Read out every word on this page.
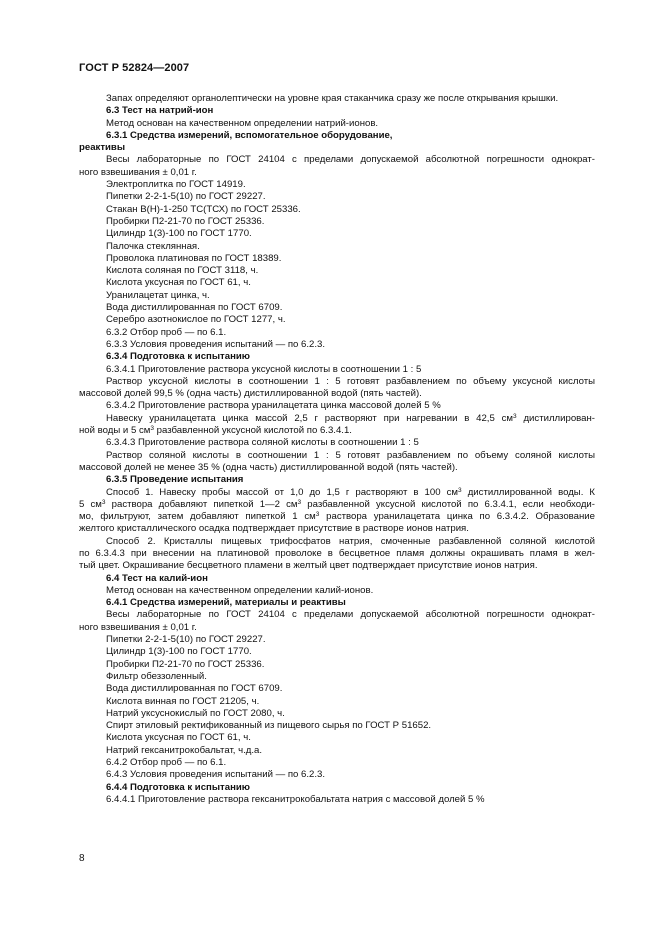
ГОСТ Р 52824—2007
Запах определяют органолептически на уровне края стаканчика сразу же после открывания крышки.
6.3 Тест на натрий-ион
Метод основан на качественном определении натрий-ионов.
6.3.1 Средства измерений, вспомогательное оборудование,
реактивы
Весы лабораторные по ГОСТ 24104 с пределами допускаемой абсолютной погрешности однократ-
ного взвешивания ± 0,01 г.
Электроплитка по ГОСТ 14919.
Пипетки 2-2-1-5(10) по ГОСТ 29227.
Стакан В(Н)-1-250 ТС(ТСХ) по ГОСТ 25336.
Пробирки П2-21-70 по ГОСТ 25336.
Цилиндр 1(3)-100 по ГОСТ 1770.
Палочка стеклянная.
Проволока платиновая по ГОСТ 18389.
Кислота соляная по ГОСТ 3118, ч.
Кислота уксусная по ГОСТ 61, ч.
Уранилацетат цинка, ч.
Вода дистиллированная по ГОСТ 6709.
Серебро азотнокислое по ГОСТ 1277, ч.
6.3.2 Отбор проб — по 6.1.
6.3.3 Условия проведения испытаний — по 6.2.3.
6.3.4 Подготовка к испытанию
6.3.4.1 Приготовление раствора уксусной кислоты в соотношении 1 : 5
Раствор уксусной кислоты в соотношении 1 : 5 готовят разбавлением по объему уксусной кислоты
массовой долей 99,5 % (одна часть) дистиллированной водой (пять частей).
6.3.4.2 Приготовление раствора уранилацетата цинка массовой долей 5 %
Навеску уранилацетата цинка массой 2,5 г растворяют при нагревании в 42,5 $см^3$ дистиллирован-
ной воды и 5 $см^3$ разбавленной уксусной кислотой по 6.3.4.1.
6.3.4.3 Приготовление раствора соляной кислоты в соотношении 1 : 5
Раствор соляной кислоты в соотношении 1 : 5 готовят разбавлением по объему соляной кислоты
массовой долей не менее 35 % (одна часть) дистиллированной водой (пять частей).
6.3.5 Проведение испытания
Способ 1. Навеску пробы массой от 1,0 до 1,5 г растворяют в 100 $см^3$ дистиллированной воды. К
5 $см^3$ раствора добавляют пипеткой 1—2 $см^3$ разбавленной уксусной кислотой по 6.3.4.1, если необходи-
мо, фильтруют, затем добавляют пипеткой 1 $см^3$ раствора уранилацетата цинка по 6.3.4.2. Образование
желтого кристаллического осадка подтверждает присутствие в растворе ионов натрия.
Способ 2. Кристаллы пищевых трифосфатов натрия, смоченные разбавленной соляной кислотой
по 6.3.4.3 при внесении на платиновой проволоке в бесцветное пламя должны окрашивать пламя в жел-
тый цвет. Окрашивание бесцветного пламени в желтый цвет подтверждает присутствие ионов натрия.
6.4 Тест на калий-ион
Метод основан на качественном определении калий-ионов.
6.4.1 Средства измерений, материалы и реактивы
Весы лабораторные по ГОСТ 24104 с пределами допускаемой абсолютной погрешности однократ-
ного взвешивания ± 0,01 г.
Пипетки 2-2-1-5(10) по ГОСТ 29227.
Цилиндр 1(3)-100 по ГОСТ 1770.
Пробирки П2-21-70 по ГОСТ 25336.
Фильтр обеззоленный.
Вода дистиллированная по ГОСТ 6709.
Кислота винная по ГОСТ 21205, ч.
Натрий уксуснокислый по ГОСТ 2080, ч.
Спирт этиловый ректификованный из пищевого сырья по ГОСТ Р 51652.
Кислота уксусная по ГОСТ 61, ч.
Натрий гексанитрокобальтат, ч.д.а.
6.4.2 Отбор проб — по 6.1.
6.4.3 Условия проведения испытаний — по 6.2.3.
6.4.4 Подготовка к испытанию
6.4.4.1 Приготовление раствора гексанитрокобальтата натрия с массовой долей 5 %
8
